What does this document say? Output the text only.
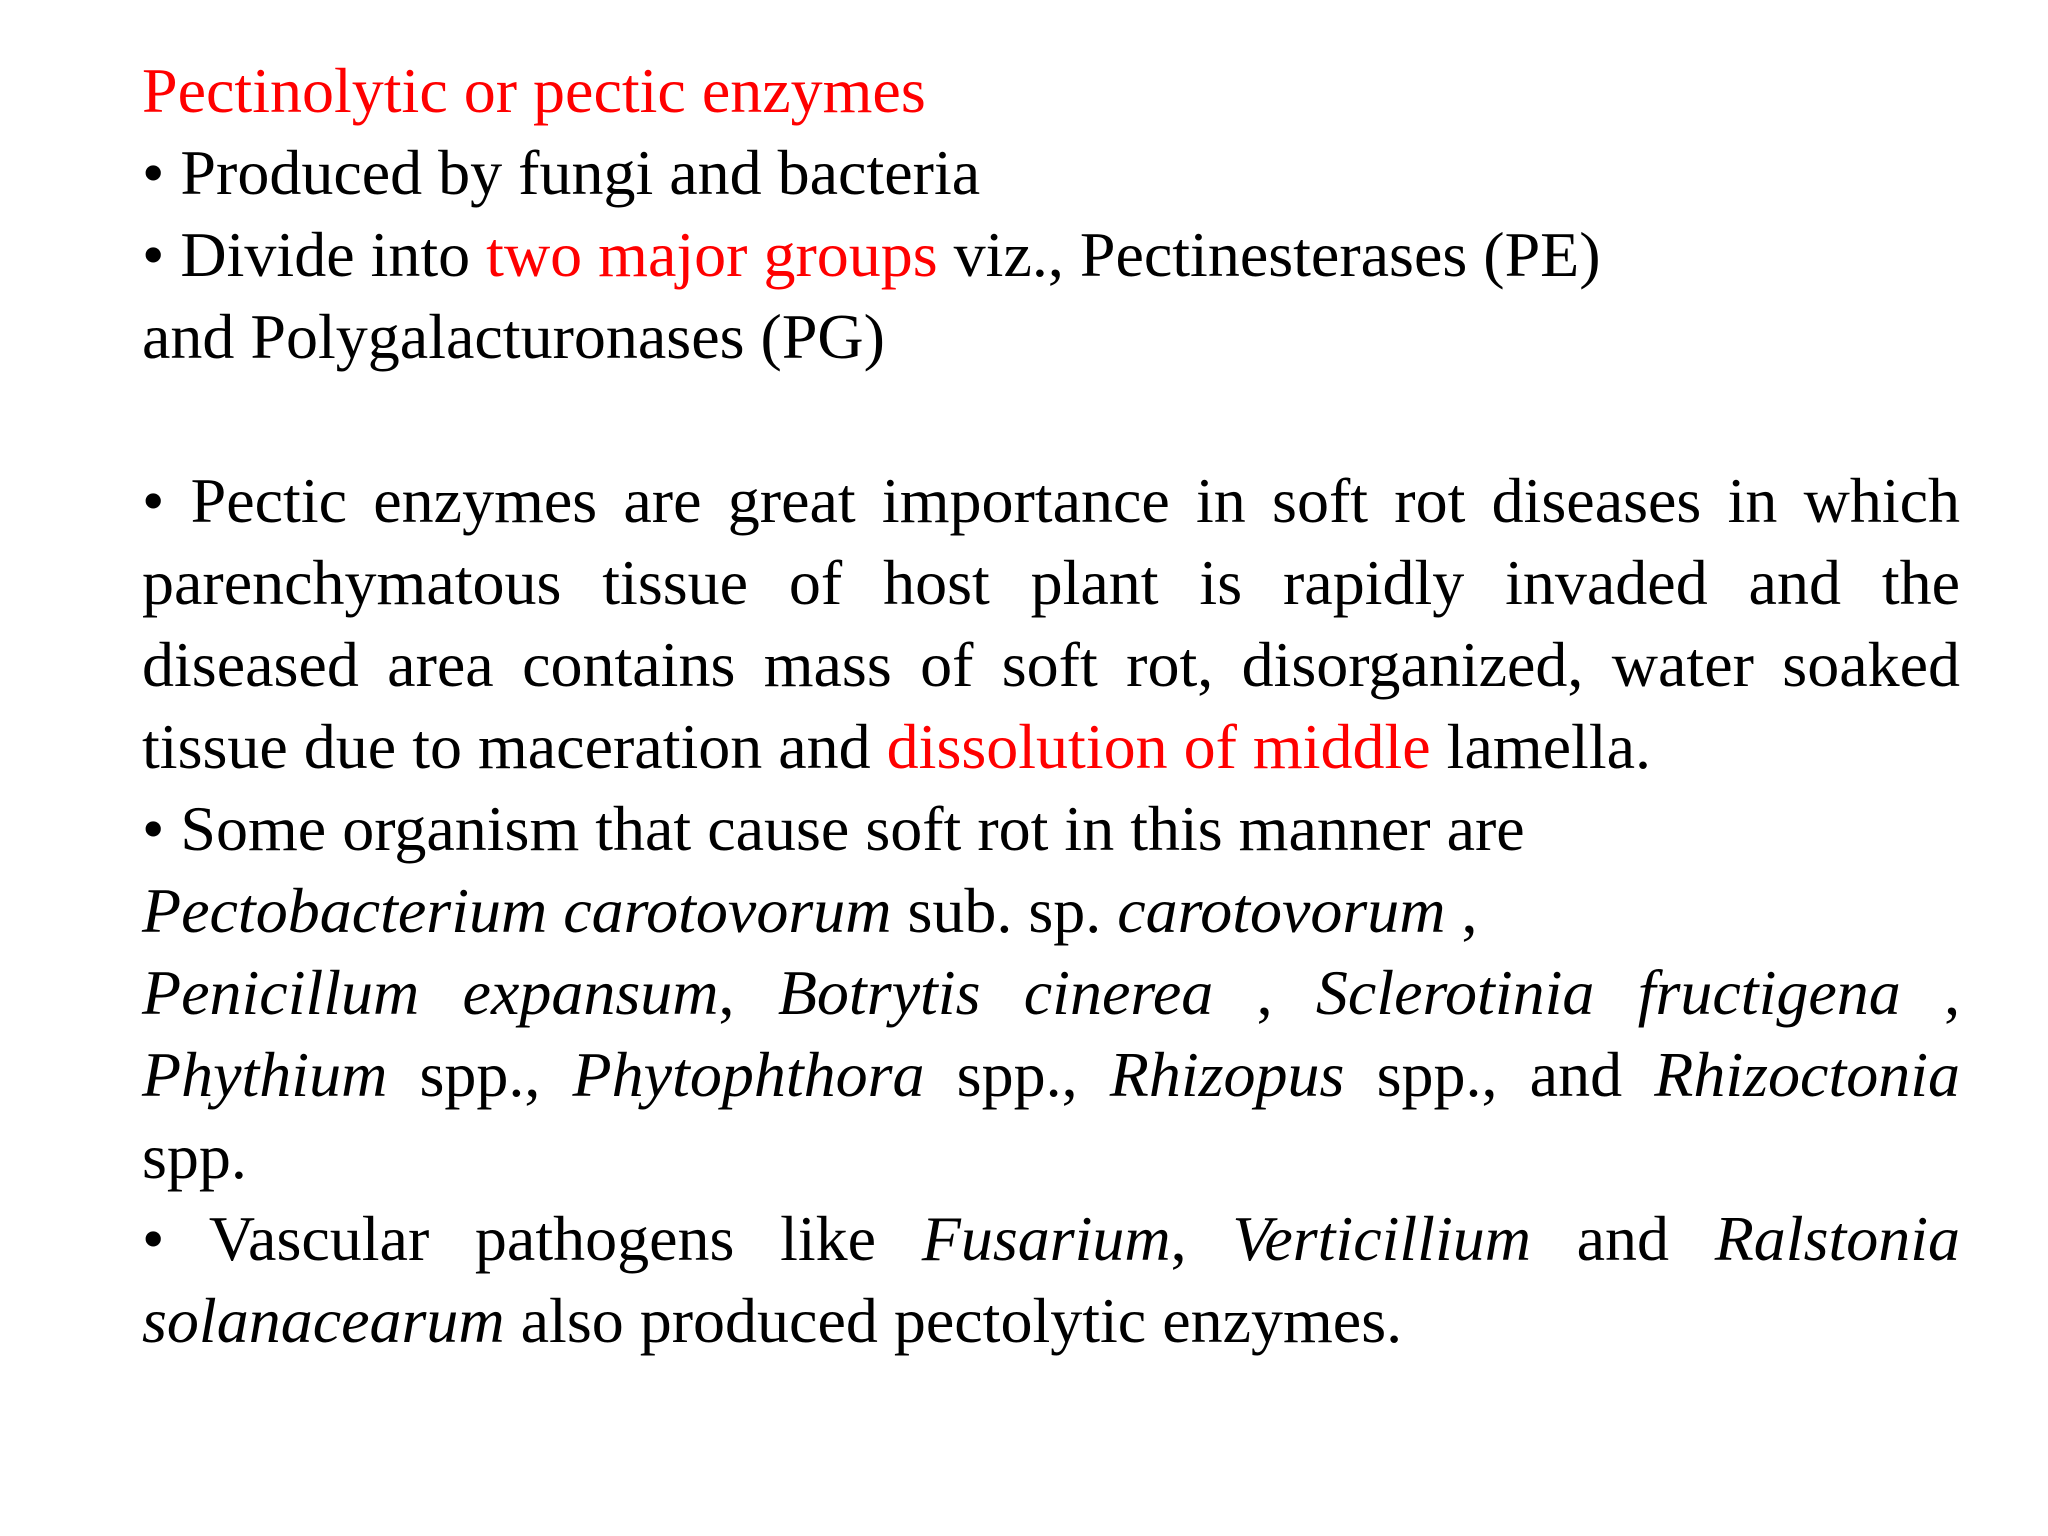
Pectinolytic or pectic enzymes
• Produced by fungi and bacteria
• Divide into two major groups viz., Pectinesterases (PE)
and Polygalacturonases (PG)
• Pectic enzymes are great importance in soft rot diseases in which parenchymatous tissue of host plant is rapidly invaded and the diseased area contains mass of soft rot, disorganized, water soaked tissue due to maceration and dissolution of middle lamella.
• Some organism that cause soft rot in this manner are
Pectobacterium carotovorum sub. sp. carotovorum ,
Penicillum expansum, Botrytis cinerea , Sclerotinia fructigena , Phythium spp., Phytophthora spp., Rhizopus spp., and Rhizoctonia spp.
• Vascular pathogens like Fusarium, Verticillium and Ralstonia solanacearum also produced pectolytic enzymes.
